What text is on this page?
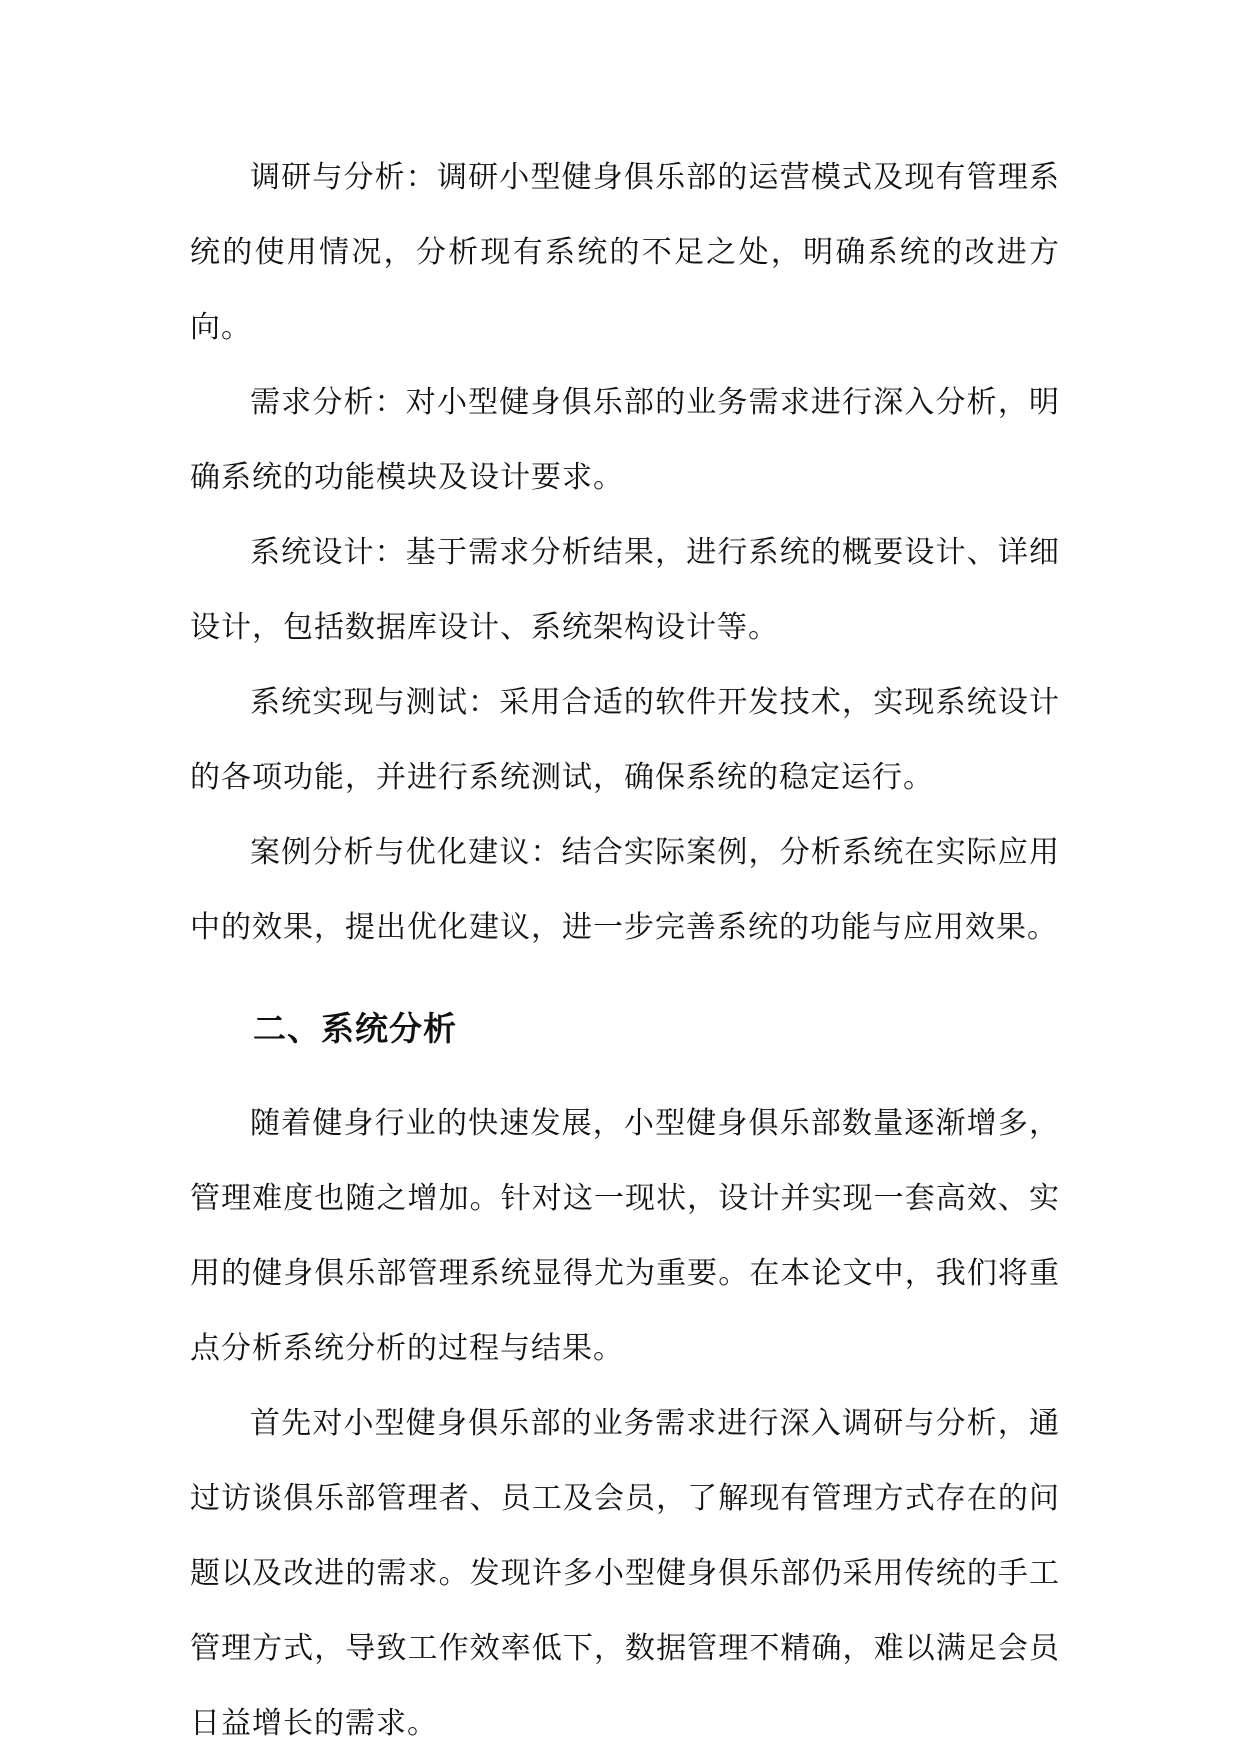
调研与分析：调研小型健身俱乐部的运营模式及现有管理系统的使用情况，分析现有系统的不足之处，明确系统的改进方向。

需求分析：对小型健身俱乐部的业务需求进行深入分析，明确系统的功能模块及设计要求。

系统设计：基于需求分析结果，进行系统的概要设计、详细设计，包括数据库设计、系统架构设计等。

系统实现与测试：采用合适的软件开发技术，实现系统设计的各项功能，并进行系统测试，确保系统的稳定运行。

案例分析与优化建议：结合实际案例，分析系统在实际应用中的效果，提出优化建议，进一步完善系统的功能与应用效果。

二、系统分析

随着健身行业的快速发展，小型健身俱乐部数量逐渐增多，管理难度也随之增加。针对这一现状，设计并实现一套高效、实用的健身俱乐部管理系统显得尤为重要。在本论文中，我们将重点分析系统分析的过程与结果。

首先对小型健身俱乐部的业务需求进行深入调研与分析，通过访谈俱乐部管理者、员工及会员，了解现有管理方式存在的问题以及改进的需求。发现许多小型健身俱乐部仍采用传统的手工管理方式，导致工作效率低下，数据管理不精确，难以满足会员日益增长的需求。
